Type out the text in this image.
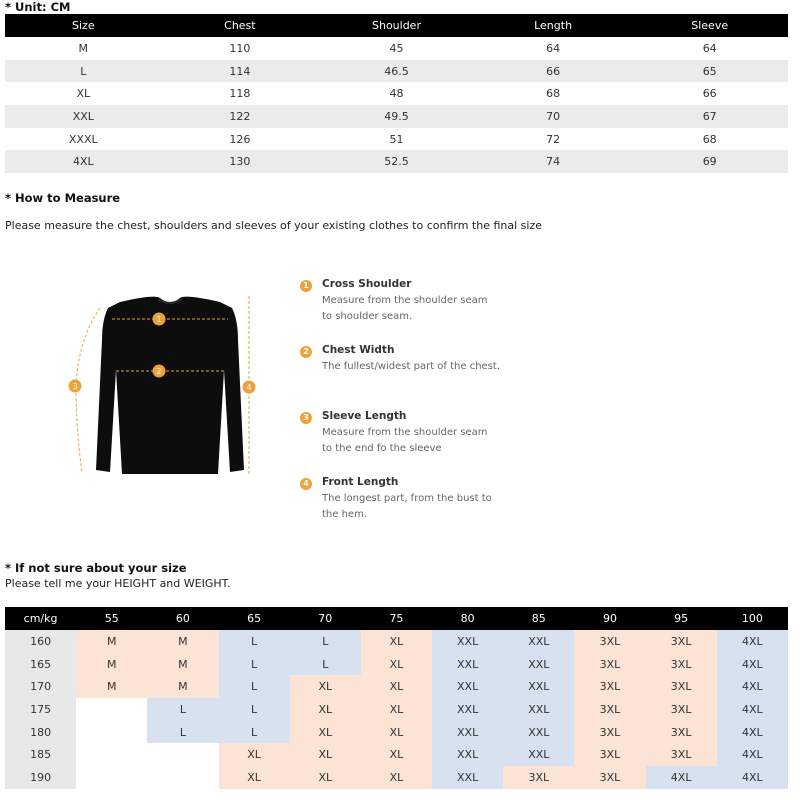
* Unit: CM
Size	Chest	Shoulder	Length	Sleeve
M	110	45	64	64
L	114	46.5	66	65
XL	118	48	68	66
XXL	122	49.5	70	67
XXXL	126	51	72	68
4XL	130	52.5	74	69
* How to Measure
Please measure the chest, shoulders and sleeves of your existing clothes to confirm the final size
1
2
3	4
1	Cross Shoulder
Measure from the shoulder seam
to shoulder seam.
2	Chest Width
The fullest/widest part of the chest.
3	Sleeve Length
Measure from the shoulder seam
to the end fo the sleeve
4	Front Length
The longest part, from the bust to
the hem.
* If not sure about your size
Please tell me your HEIGHT and WEIGHT.
cm/kg	55	60	65	70	75	80	85	90	95	100
160	M	M	L	L	XL	XXL	XXL	3XL	3XL	4XL
165	M	M	L	L	XL	XXL	XXL	3XL	3XL	4XL
170	M	M	L	XL	XL	XXL	XXL	3XL	3XL	4XL
175		L	L	XL	XL	XXL	XXL	3XL	3XL	4XL
180		L	L	XL	XL	XXL	XXL	3XL	3XL	4XL
185			XL	XL	XL	XXL	XXL	3XL	3XL	4XL
190			XL	XL	XL	XXL	3XL	3XL	4XL	4XL
